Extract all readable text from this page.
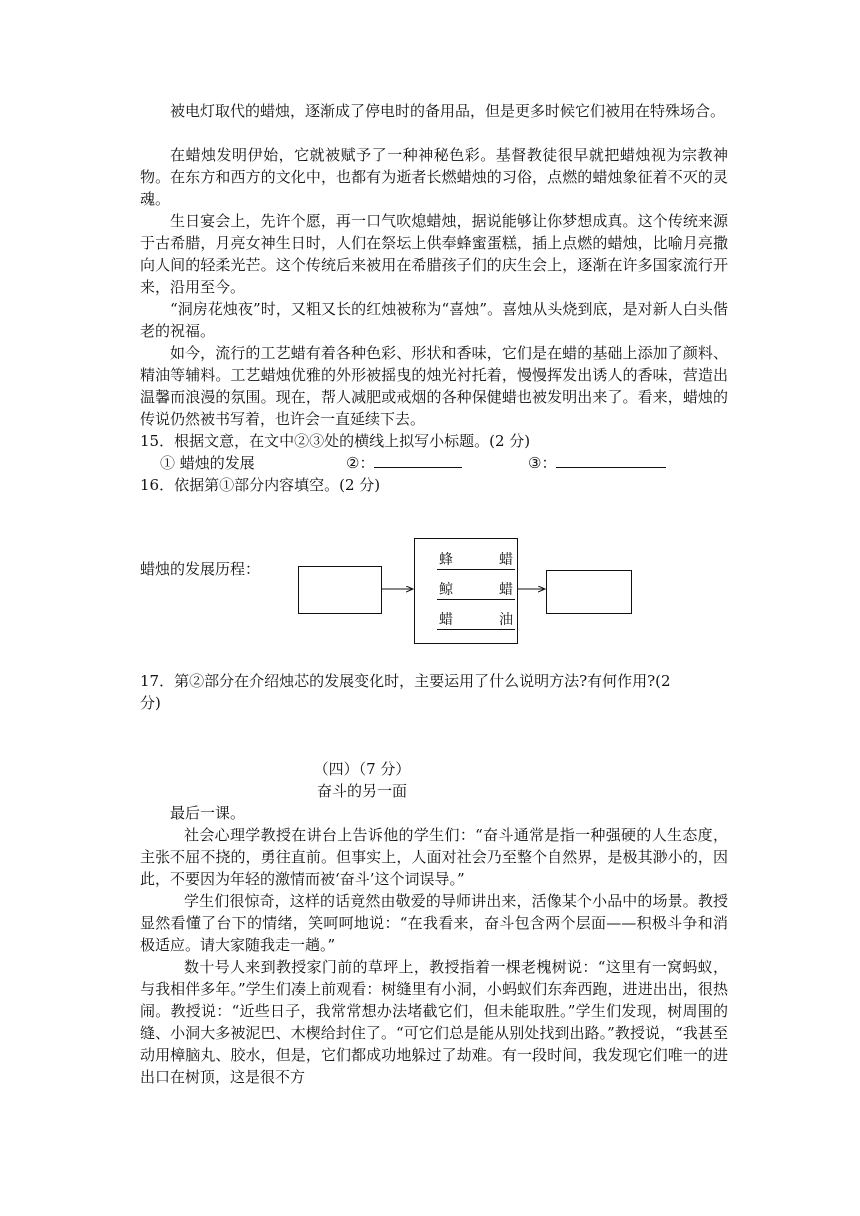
被电灯取代的蜡烛，逐渐成了停电时的备用品，但是更多时候它们被用在特殊场合。

在蜡烛发明伊始，它就被赋予了一种神秘色彩。基督教徒很早就把蜡烛视为宗教神物。在东方和西方的文化中，也都有为逝者长燃蜡烛的习俗，点燃的蜡烛象征着不灭的灵魂。

生日宴会上，先许个愿，再一口气吹熄蜡烛，据说能够让你梦想成真。这个传统来源于古希腊，月亮女神生日时，人们在祭坛上供奉蜂蜜蛋糕，插上点燃的蜡烛，比喻月亮撒向人间的轻柔光芒。这个传统后来被用在希腊孩子们的庆生会上，逐渐在许多国家流行开来，沿用至今。

“洞房花烛夜”时，又粗又长的红烛被称为“喜烛”。喜烛从头烧到底，是对新人白头偕老的祝福。

如今，流行的工艺蜡有着各种色彩、形状和香味，它们是在蜡的基础上添加了颜料、精油等辅料。工艺蜡烛优雅的外形被摇曳的烛光衬托着，慢慢挥发出诱人的香味，营造出温馨而浪漫的氛围。现在，帮人减肥或戒烟的各种保健蜡也被发明出来了。看来，蜡烛的传说仍然被书写着，也许会一直延续下去。

15．根据文意，在文中②③处的横线上拟写小标题。(2 分)

① 蜡烛的发展	②：	③：

16．依据第①部分内容填空。(2 分)

蜡烛的发展历程：	蜂	蜡
鲸	蜡
蜡	油

17．第②部分在介绍烛芯的发展变化时，主要运用了什么说明方法?有何作用?(2
分)

（四）（7 分）
奋斗的另一面

最后一课。

社会心理学教授在讲台上告诉他的学生们：“奋斗通常是指一种强硬的人生态度，主张不屈不挠的，勇往直前。但事实上，人面对社会乃至整个自然界，是极其渺小的，因此，不要因为年轻的激情而被‘奋斗’这个词误导。”

学生们很惊奇，这样的话竟然由敬爱的导师讲出来，活像某个小品中的场景。教授显然看懂了台下的情绪，笑呵呵地说：“在我看来，奋斗包含两个层面——积极斗争和消极适应。请大家随我走一趟。”

数十号人来到教授家门前的草坪上，教授指着一棵老槐树说：“这里有一窝蚂蚁，与我相伴多年。”学生们凑上前观看：树缝里有小洞，小蚂蚁们东奔西跑，进进出出，很热闹。教授说：“近些日子，我常常想办法堵截它们，但未能取胜。”学生们发现，树周围的缝、小洞大多被泥巴、木楔给封住了。“可它们总是能从别处找到出路。”教授说，“我甚至动用樟脑丸、胶水，但是，它们都成功地躲过了劫难。有一段时间，我发现它们唯一的进出口在树顶，这是很不方
